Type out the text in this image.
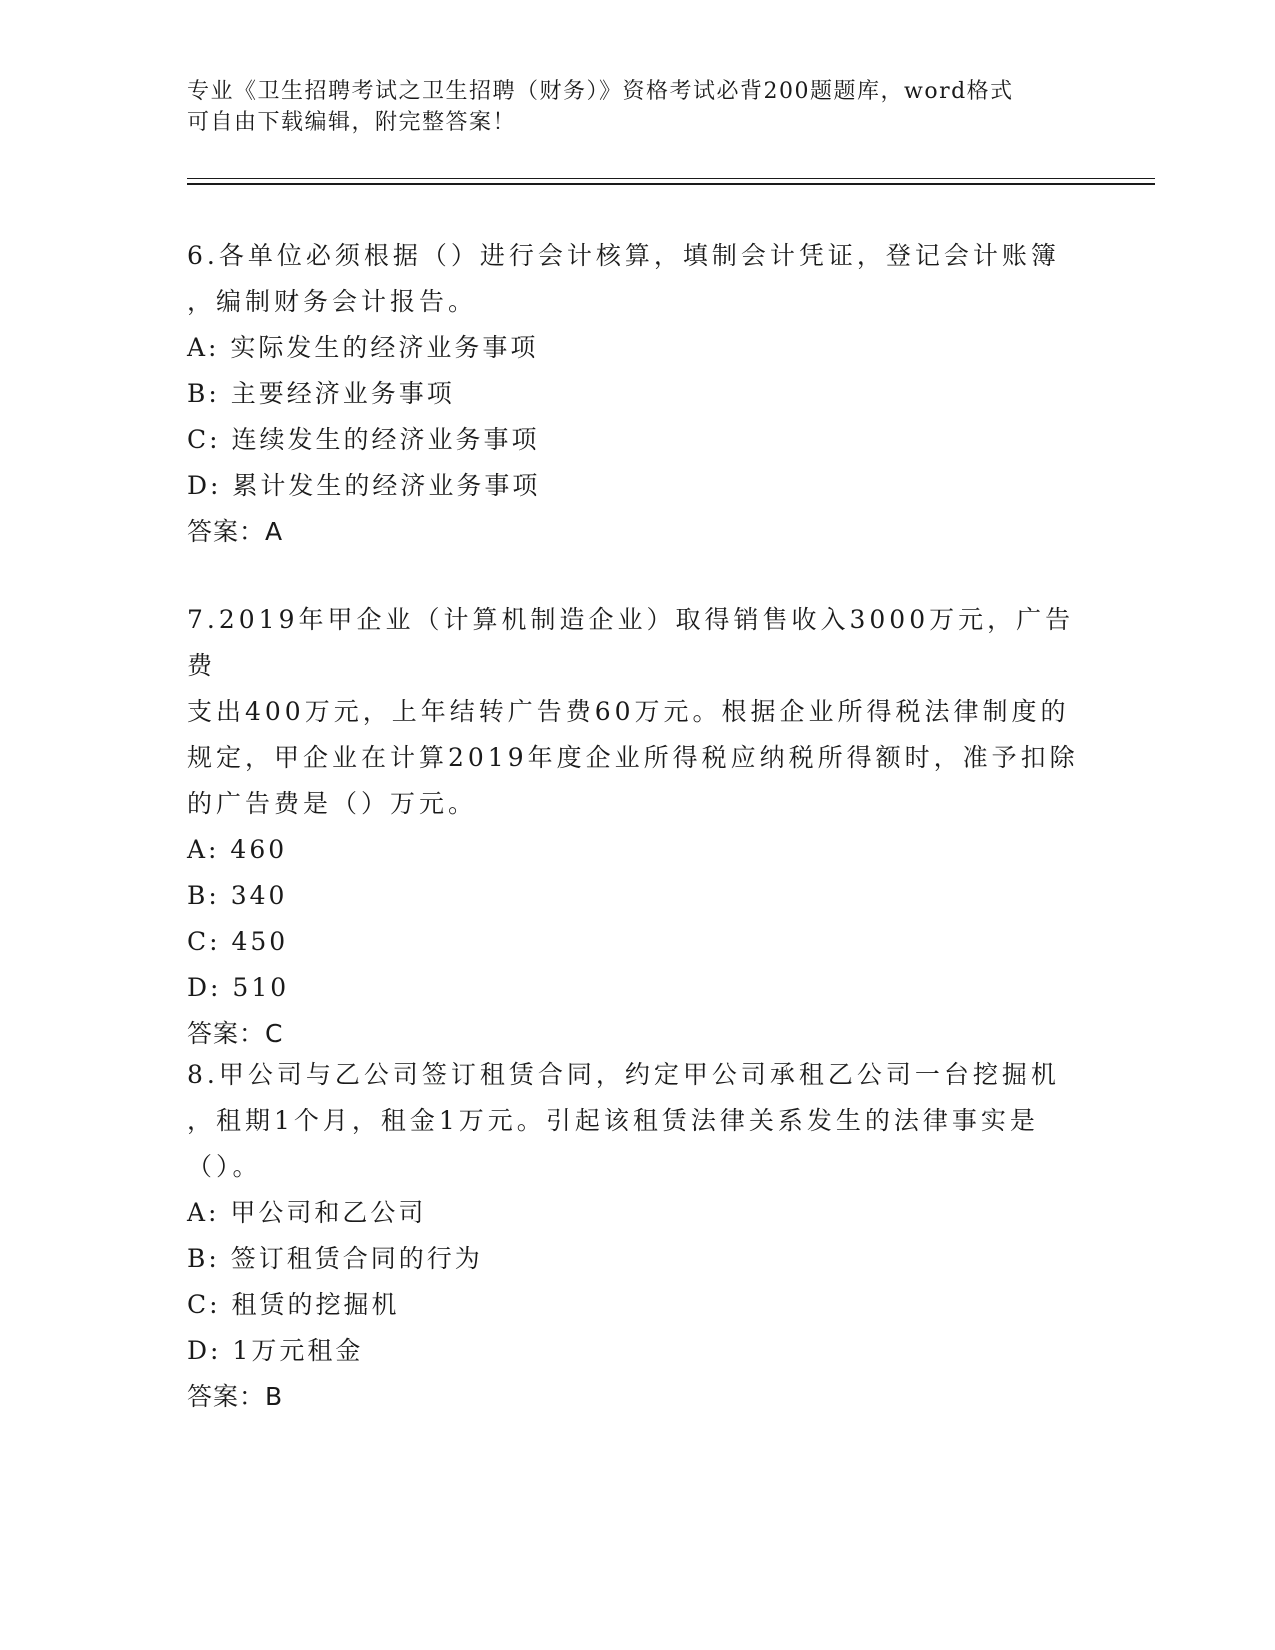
专业《卫生招聘考试之卫生招聘（财务）》资格考试必背200题题库，word格式
可自由下载编辑，附完整答案！
6.各单位必须根据（）进行会计核算，填制会计凭证，登记会计账簿
，编制财务会计报告。
A: 实际发生的经济业务事项
B: 主要经济业务事项
C: 连续发生的经济业务事项
D: 累计发生的经济业务事项
答案：A
7.2019年甲企业（计算机制造企业）取得销售收入3000万元，广告费
支出400万元，上年结转广告费60万元。根据企业所得税法律制度的
规定，甲企业在计算2019年度企业所得税应纳税所得额时，准予扣除
的广告费是（）万元。
A: 460
B: 340
C: 450
D: 510
答案：C
8.甲公司与乙公司签订租赁合同，约定甲公司承租乙公司一台挖掘机
，租期1个月，租金1万元。引起该租赁法律关系发生的法律事实是
（）。
A: 甲公司和乙公司
B: 签订租赁合同的行为
C: 租赁的挖掘机
D: 1万元租金
答案：B
